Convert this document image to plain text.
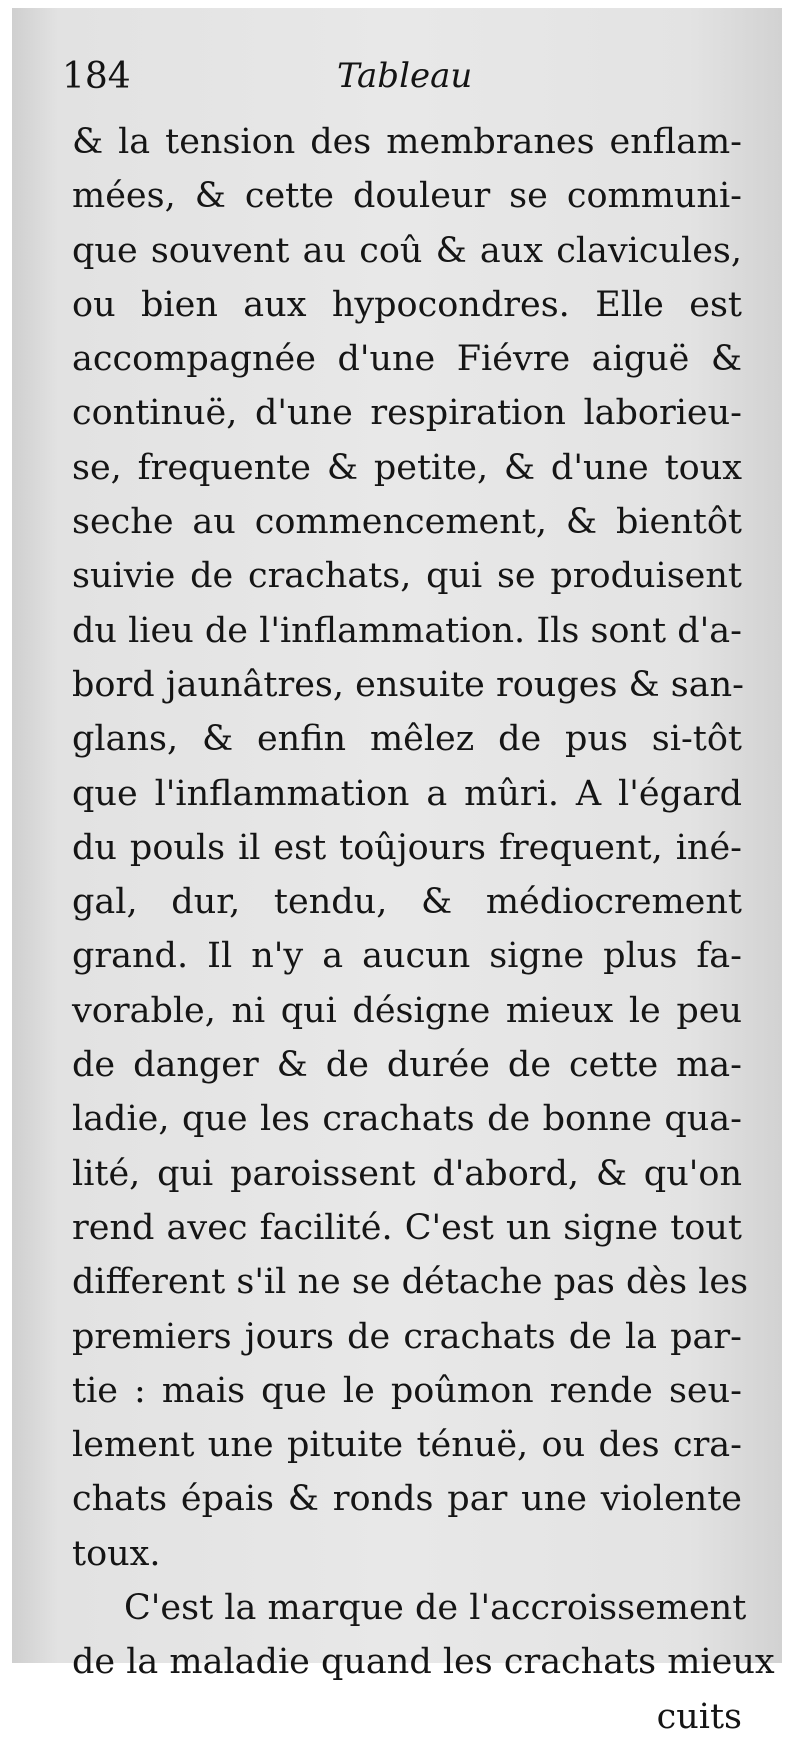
184	Tableau
& la tension des membranes enflam-
mées, & cette douleur se communi-
que souvent au coû & aux clavicules,
ou bien aux hypocondres. Elle est
accompagnée d'une Fiévre aiguë &
continuë, d'une respiration laborieu-
se, frequente & petite, & d'une toux
seche au commencement, & bientôt
suivie de crachats, qui se produisent
du lieu de l'inflammation. Ils sont d'a-
bord jaunâtres, ensuite rouges & san-
glans, & enfin mêlez de pus si-tôt
que l'inflammation a mûri. A l'égard
du pouls il est toûjours frequent, iné-
gal, dur, tendu, & médiocrement
grand. Il n'y a aucun signe plus fa-
vorable, ni qui désigne mieux le peu
de danger & de durée de cette ma-
ladie, que les crachats de bonne qua-
lité, qui paroissent d'abord, & qu'on
rend avec facilité. C'est un signe tout
different s'il ne se détache pas dès les
premiers jours de crachats de la par-
tie : mais que le poûmon rende seu-
lement une pituite ténuë, ou des cra-
chats épais & ronds par une violente
toux.
C'est la marque de l'accroissement
de la maladie quand les crachats mieux
cuits
